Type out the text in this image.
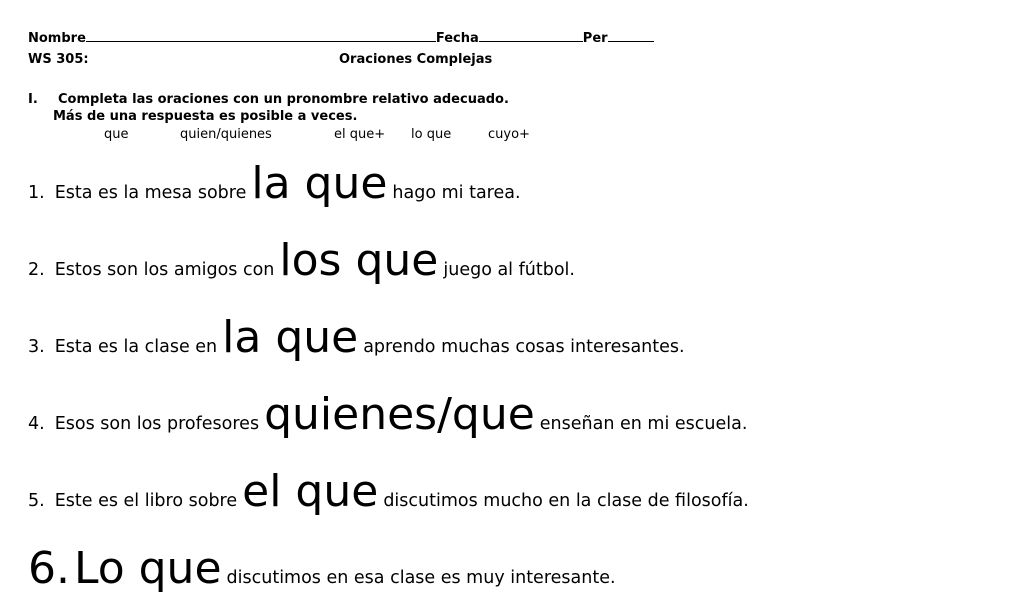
Nombre	Fecha	Per
WS 305:	Oraciones Complejas
I. Completa las oraciones con un pronombre relativo adecuado.
Más de una respuesta es posible a veces.
que	quien/quienes	el que+ lo que	cuyo+
1. Esta es la mesa sobre la que hago mi tarea.
2. Estos son los amigos con los que juego al fútbol.
3. Esta es la clase en la que aprendo muchas cosas interesantes.
4. Esos son los profesores quienes/que enseñan en mi escuela.
5. Este es el libro sobre el que discutimos mucho en la clase de filosofía.
6.Lo que discutimos en esa clase es muy interesante.
